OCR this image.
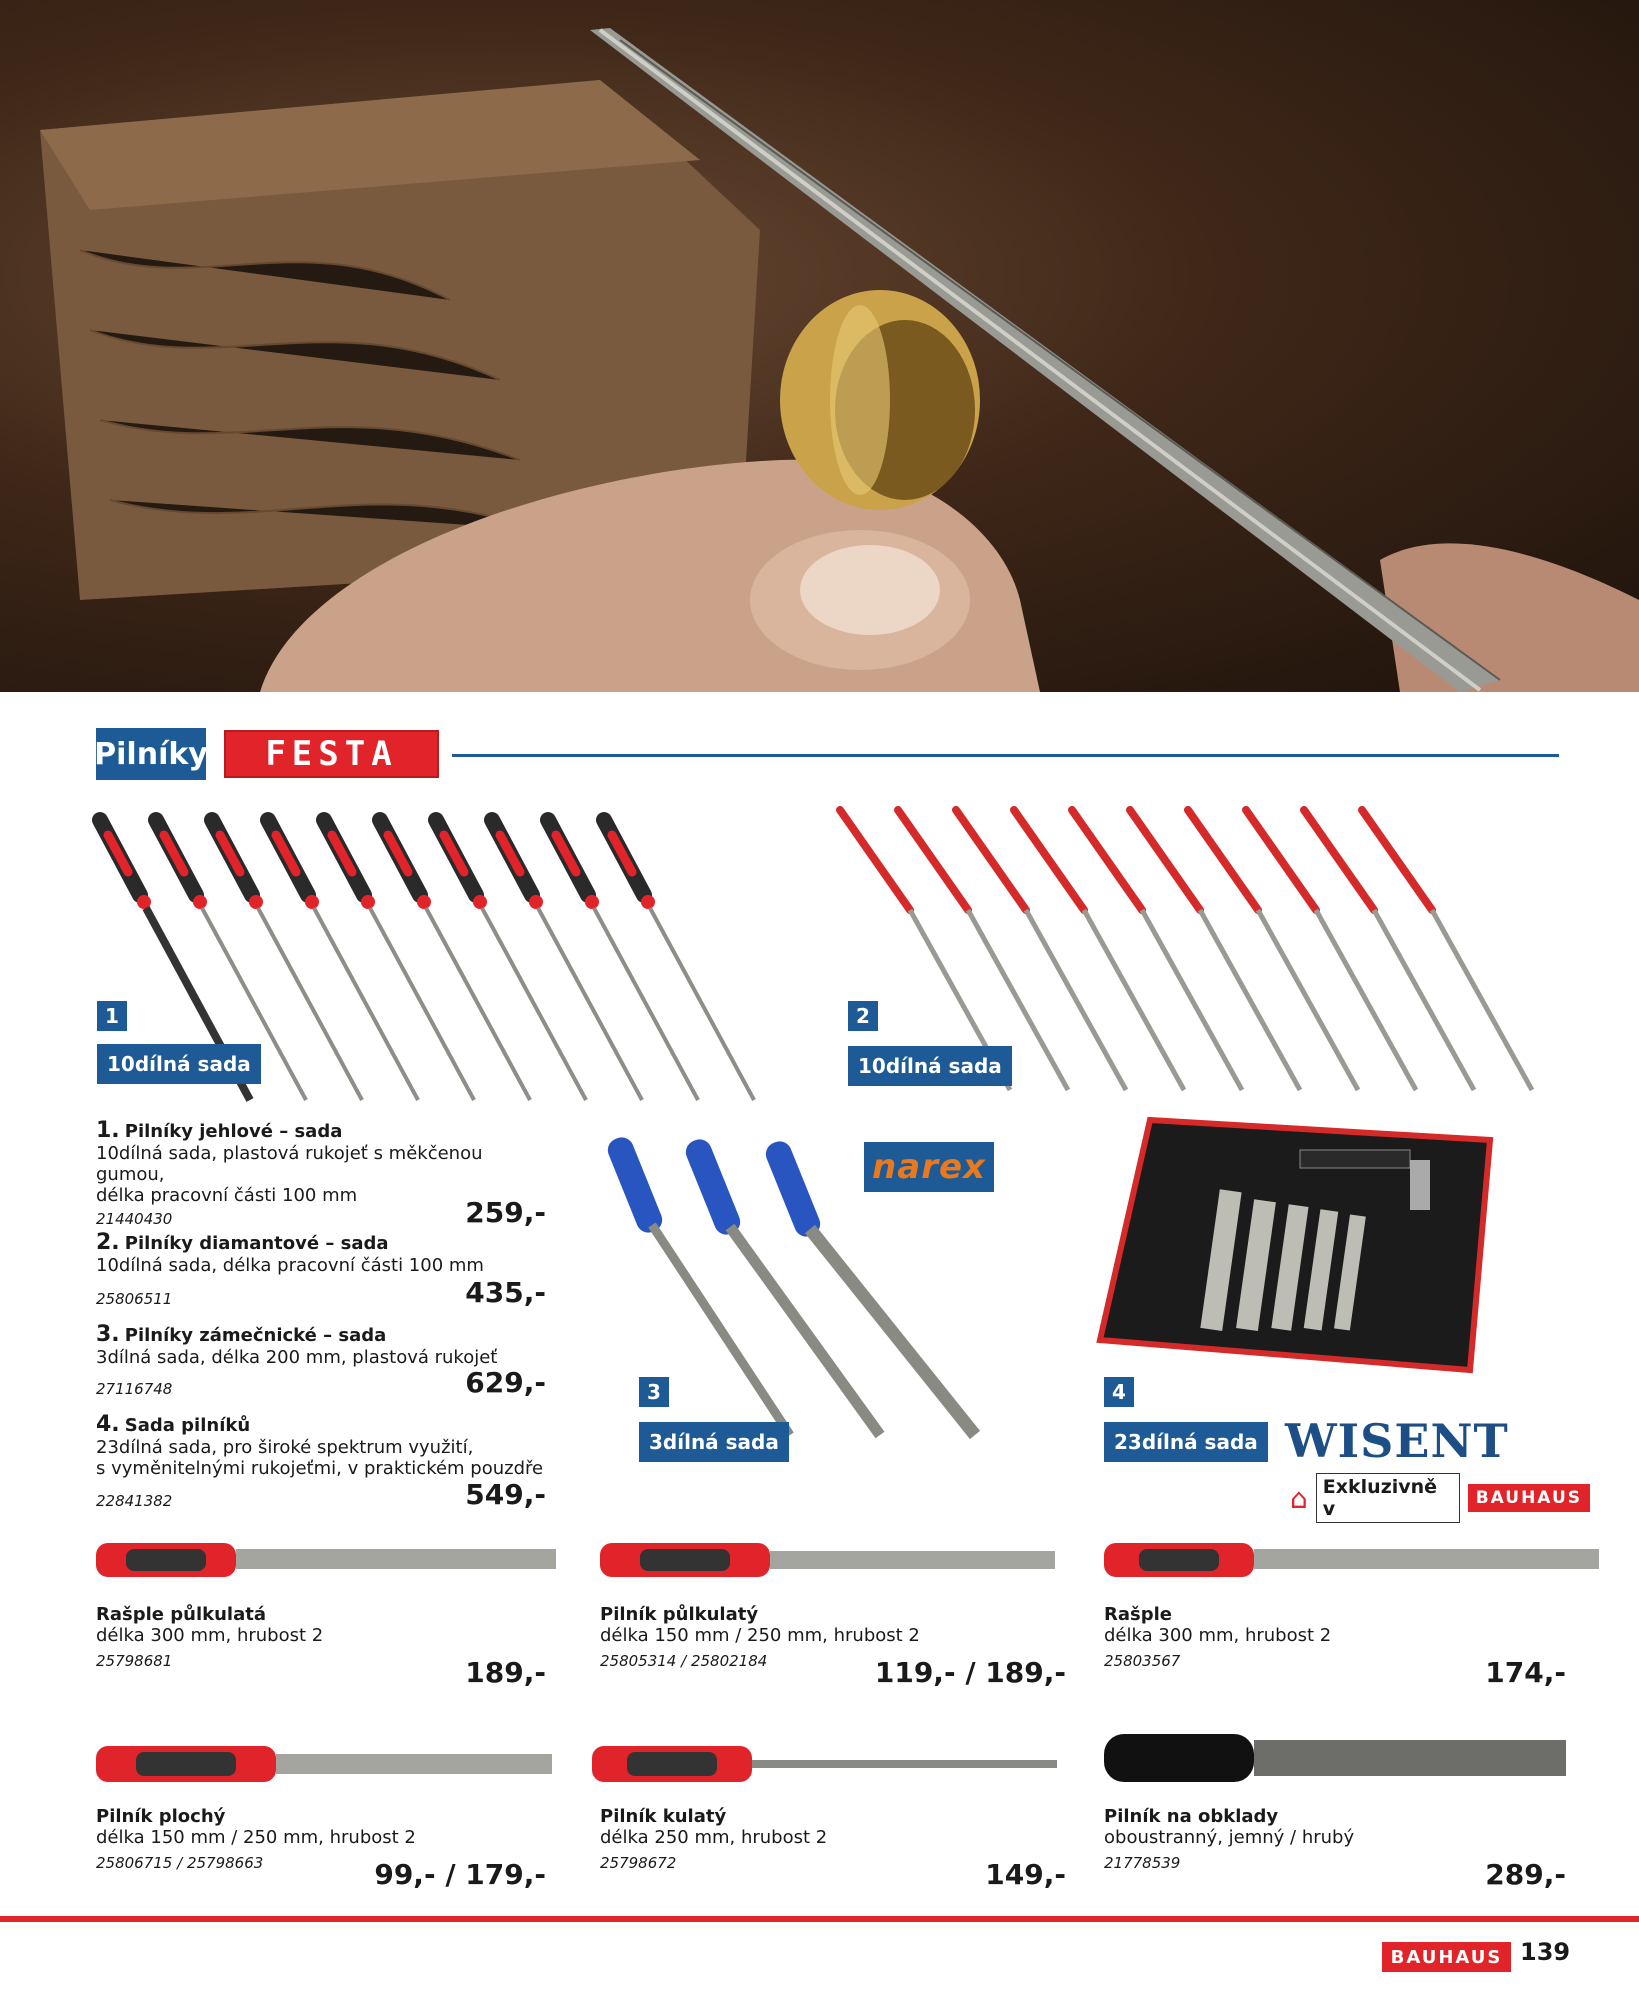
Pilníky	FESTA
1
10dílná sada
2
10dílná sada
1. Pilníky jehlové – sada
10dílná sada, plastová rukojeť s měkčenou gumou,
délka pracovní části 100 mm
21440430	259,-
2. Pilníky diamantové – sada
10dílná sada, délka pracovní části 100 mm
25806511	435,-
3. Pilníky zámečnické – sada
3dílná sada, délka 200 mm, plastová rukojeť
27116748	629,-
4. Sada pilníků
23dílná sada, pro široké spektrum využití,
s vyměnitelnými rukojeťmi, v praktickém pouzdře
22841382	549,-
narex
3
3dílná sada
4
23dílná sada WISENT
⌂ Exkluzivně v	BAUHAUS
Rašple půlkulatá
délka 300 mm, hrubost 2
25798681	189,-
Pilník půlkulatý
délka 150 mm / 250 mm, hrubost 2
25805314 / 25802184	119,- / 189,-
Rašple
délka 300 mm, hrubost 2
25803567	174,-
Pilník plochý
délka 150 mm / 250 mm, hrubost 2
25806715 / 25798663	99,- / 179,-
Pilník kulatý
délka 250 mm, hrubost 2
25798672	149,-
Pilník na obklady
oboustranný, jemný / hrubý
21778539	289,-
BAUHAUS 139
